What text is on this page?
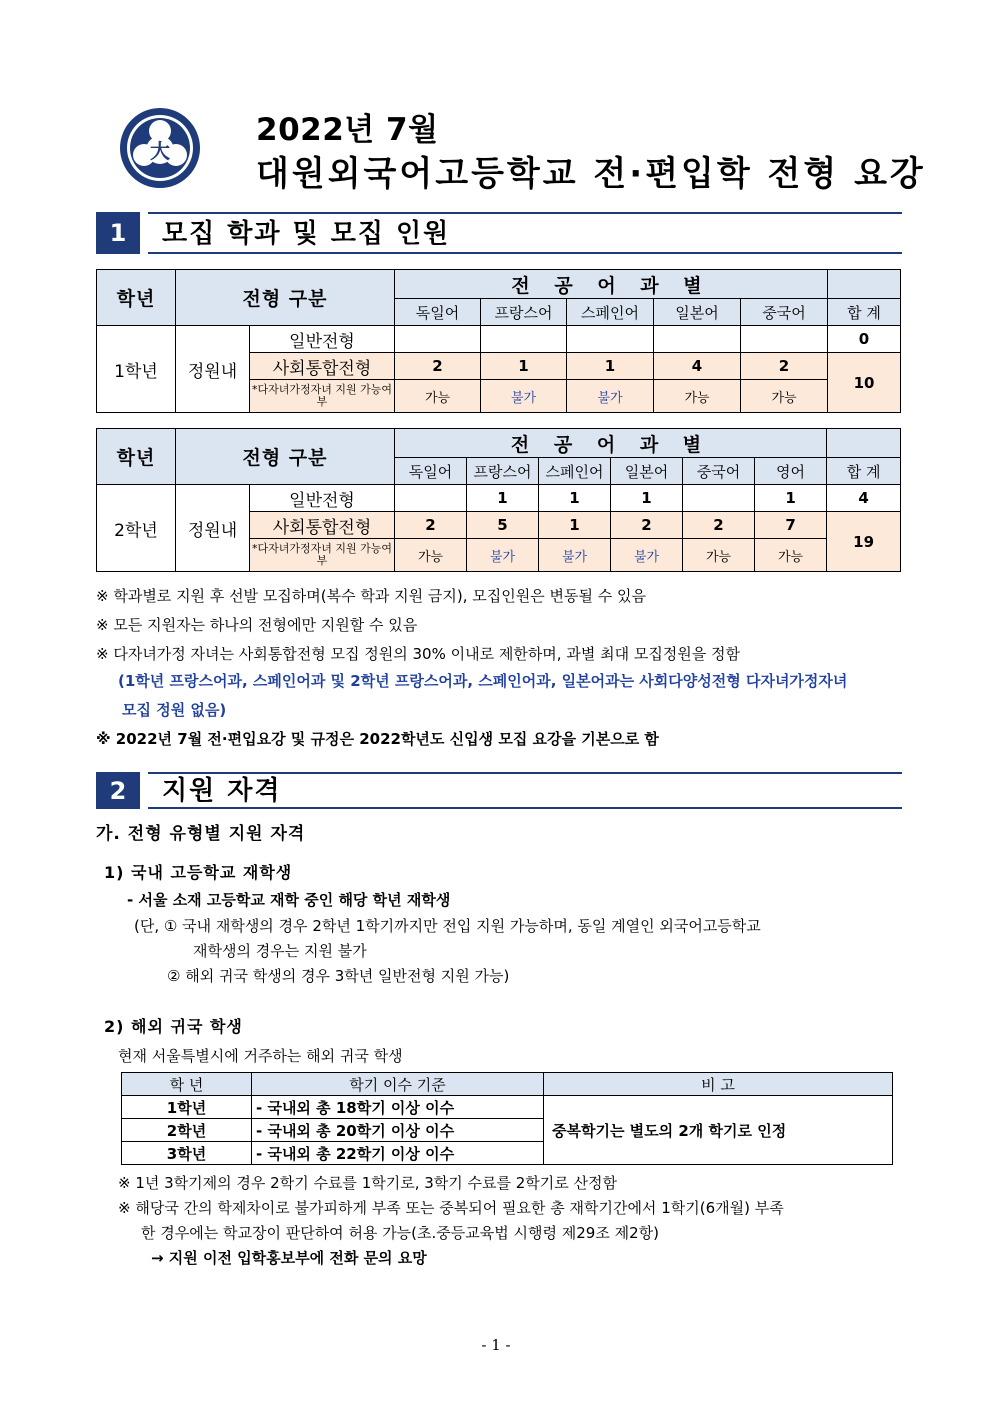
大
2022년 7월
대원외국어고등학교 전·편입학 전형 요강
1	모집 학과 및 모집 인원
학년	전형 구분		전 공 어 과 별					
			독일어	프랑스어	스페인어	일본어	중국어	합 계
1학년	정원내	일반전형						0
		사회통합전형	2	1	1	4	2	10
		*다자녀가정자녀 지원 가능여부	가능	불가	불가	가능	가능	
학년	전형 구분		전 공 어 과 별						
			독일어	프랑스어	스페인어	일본어	중국어	영어	합 계
2학년	정원내	일반전형		1	1	1		1	4
		사회통합전형	2	5	1	2	2	7	19
		*다자녀가정자녀 지원 가능여부	가능	불가	불가	불가	가능	가능	
※ 학과별로 지원 후 선발 모집하며(복수 학과 지원 금지), 모집인원은 변동될 수 있음
※ 모든 지원자는 하나의 전형에만 지원할 수 있음
※ 다자녀가정 자녀는 사회통합전형 모집 정원의 30% 이내로 제한하며, 과별 최대 모집정원을 정함
(1학년 프랑스어과, 스페인어과 및 2학년 프랑스어과, 스페인어과, 일본어과는 사회다양성전형 다자녀가정자녀
모집 정원 없음)
※ 2022년 7월 전·편입요강 및 규정은 2022학년도 신입생 모집 요강을 기본으로 함
2	지원 자격
가. 전형 유형별 지원 자격
1) 국내 고등학교 재학생
- 서울 소재 고등학교 재학 중인 해당 학년 재학생
(단, ① 국내 재학생의 경우 2학년 1학기까지만 전입 지원 가능하며, 동일 계열인 외국어고등학교
재학생의 경우는 지원 불가
② 해외 귀국 학생의 경우 3학년 일반전형 지원 가능)
2) 해외 귀국 학생
현재 서울특별시에 거주하는 해외 귀국 학생
학 년	학기 이수 기준	비 고
1학년	- 국내외 총 18학기 이상 이수	중복학기는 별도의 2개 학기로 인정
2학년	- 국내외 총 20학기 이상 이수	
3학년	- 국내외 총 22학기 이상 이수	
※ 1년 3학기제의 경우 2학기 수료를 1학기로, 3학기 수료를 2학기로 산정함
※ 해당국 간의 학제차이로 불가피하게 부족 또는 중복되어 필요한 총 재학기간에서 1학기(6개월) 부족
한 경우에는 학교장이 판단하여 허용 가능(초.중등교육법 시행령 제29조 제2항)
→ 지원 이전 입학홍보부에 전화 문의 요망
- 1 -
